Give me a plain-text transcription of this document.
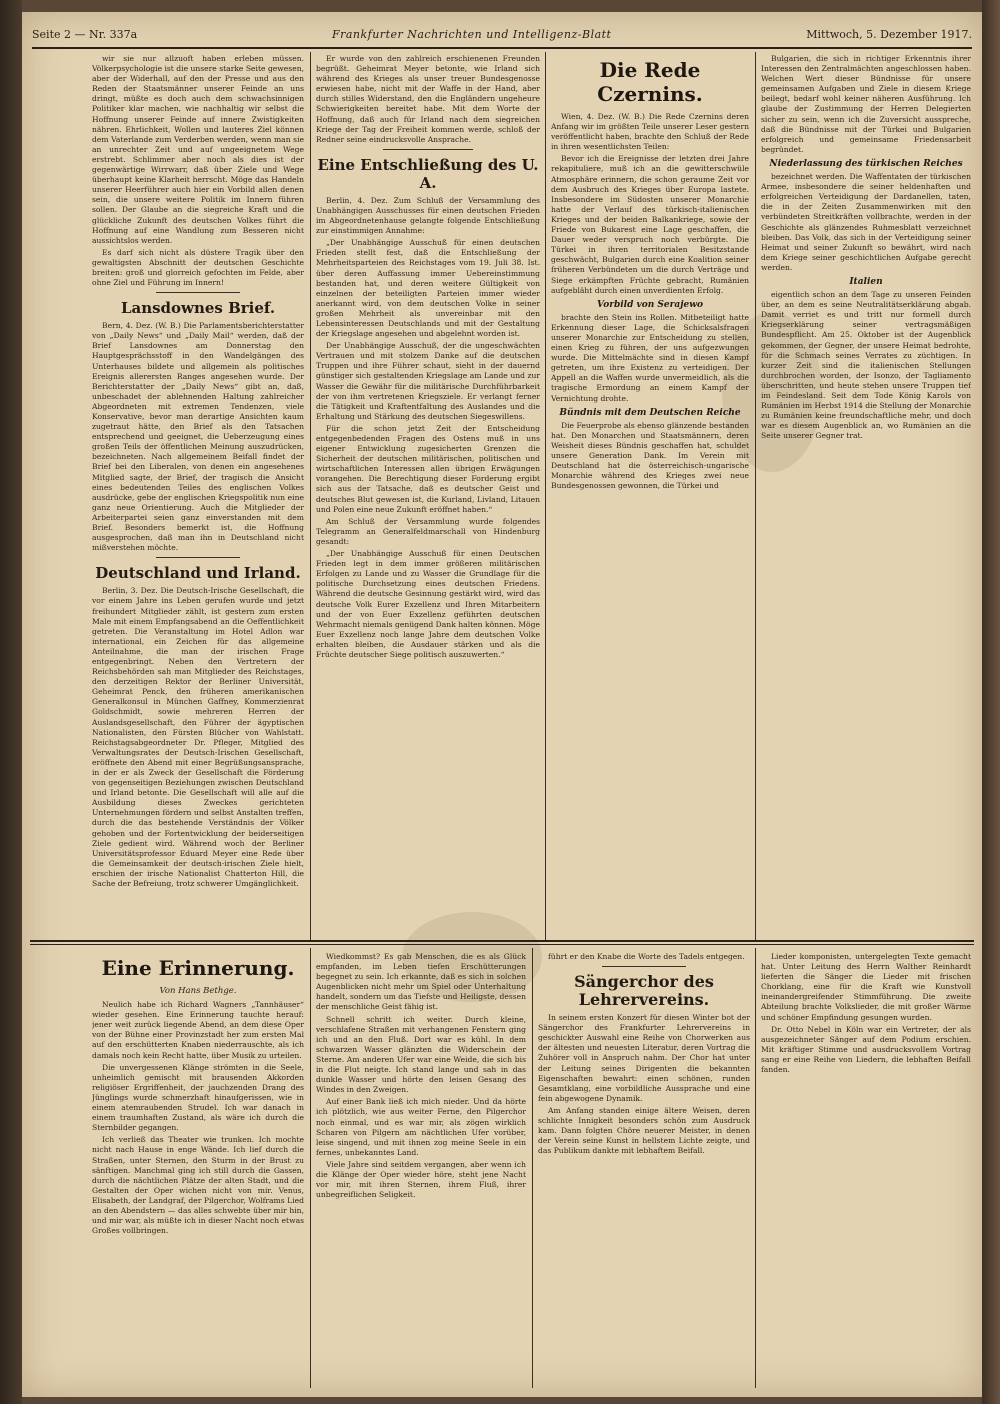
Seite 2 — Nr. 337a	Frankfurter Nachrichten und Intelligenz-Blatt	Mittwoch, 5. Dezember 1917.

wir sie nur allzuoft haben erleben müssen. Völkerpsychologie ist die unsere starke Seite gewesen, aber der Widerhall, auf den der Presse und aus den Reden der Staatsmänner unserer Feinde an uns dringt, müßte es doch auch dem schwachsinnigen Politiker klar machen, wie nachhaltig wir selbst die Hoffnung unserer Feinde auf innere Zwistigkeiten nähren. Ehrlichkeit, Wollen und lauteres Ziel können dem Vaterlande zum Verderben werden, wenn man sie an unrechter Zeit und auf ungeeignetem Wege erstrebt. Schlimmer aber noch als dies ist der gegenwärtige Wirrwarr, daß über Ziele und Wege überhaupt keine Klarheit herrscht. Möge das Handeln unserer Heerführer auch hier ein Vorbild allen denen sein, die unsere weitere Politik im Innern führen sollen. Der Glaube an die siegreiche Kraft und die glückliche Zukunft des deutschen Volkes führt die Hoffnung auf eine Wandlung zum Besseren nicht aussichtslos werden.

Es darf sich nicht als düstere Tragik über den gewaltigsten Abschnitt der deutschen Geschichte breiten: groß und glorreich gefochten im Felde, aber ohne Ziel und Führung im Innern!

Lansdownes Brief.

Bern, 4. Dez. (W. B.) Die Parlamentsberichterstatter von „Daily News“ und „Daily Mail“ werden, daß der Brief Lansdownes am Donnerstag den Hauptgesprächsstoff in den Wandelgängen des Unterhauses bildete und allgemein als politisches Ereignis allerersten Ranges angesehen wurde. Der Berichterstatter der „Daily News“ gibt an, daß, unbeschadet der ablehnenden Haltung zahlreicher Abgeordneten mit extremen Tendenzen, viele Konservative, bevor man derartige Ansichten kaum zugetraut hätte, den Brief als den Tatsachen entsprechend und geeignet, die Ueberzeugung eines großen Teils der öffentlichen Meinung auszudrücken, bezeichneten. Nach allgemeinem Beifall findet der Brief bei den Liberalen, von denen ein angesehenes Mitglied sagte, der Brief, der tragisch die Ansicht eines bedeutenden Teiles des englischen Volkes ausdrücke, gebe der englischen Kriegspolitik nun eine ganz neue Orientierung. Auch die Mitglieder der Arbeiterpartei seien ganz einverstanden mit dem Brief. Besonders bemerkt ist, die Hoffnung ausgesprochen, daß man ihn in Deutschland nicht mißverstehen möchte.

Deutschland und Irland.

Berlin, 3. Dez. Die Deutsch-Irische Gesellschaft, die vor einem Jahre ins Leben gerufen wurde und jetzt freihundert Mitglieder zählt, ist gestern zum ersten Male mit einem Empfangsabend an die Oeffentlichkeit getreten. Die Veranstaltung im Hotel Adlon war international, ein Zeichen für das allgemeine Anteilnahme, die man der irischen Frage entgegenbringt. Neben den Vertretern der Reichsbehörden sah man Mitglieder des Reichstages, den derzeitigen Rektor der Berliner Universität, Geheimrat Penck, den früheren amerikanischen Generalkonsul in München Gaffney, Kommerzienrat Goldschmidt, sowie mehreren Herren der Auslandsgesellschaft, den Führer der ägyptischen Nationalisten, den Fürsten Blücher von Wahlstatt. Reichstagsabgeordneter Dr. Pfleger, Mitglied des Verwaltungsrates der Deutsch-Irischen Gesellschaft, eröffnete den Abend mit einer Begrüßungsansprache, in der er als Zweck der Gesellschaft die Förderung von gegenseitigen Beziehungen zwischen Deutschland und Irland betonte. Die Gesellschaft will alle auf die Ausbildung dieses Zweckes gerichteten Unternehmungen fördern und selbst Anstalten treffen, durch die das bestehende Verständnis der Völker gehoben und der Fortentwicklung der beiderseitigen Ziele gedient wird. Während woch der Berliner Universitätsprofessor Eduard Meyer eine Rede über die Gemeinsamkeit der deutsch-irischen Ziele hielt, erschien der irische Nationalist Chatterton Hill, die Sache der Befreiung, trotz schwerer Umgänglichkeit.

Er wurde von den zahlreich erschienenen Freunden begrüßt. Geheimrat Meyer betonte, wie Irland sich während des Krieges als unser treuer Bundesgenosse erwiesen habe, nicht mit der Waffe in der Hand, aber durch stilles Widerstand, den die Engländern ungeheure Schwierigkeiten bereitet habe. Mit dem Worte der Hoffnung, daß auch für Irland nach dem siegreichen Kriege der Tag der Freiheit kommen werde, schloß der Redner seine eindrucksvolle Ansprache.

Eine Entschließung des U. A.

Berlin, 4. Dez. Zum Schluß der Versammlung des Unabhängigen Ausschusses für einen deutschen Frieden im Abgeordnetenhause gelangte folgende Entschließung zur einstimmigen Annahme:

„Der Unabhängige Ausschuß für einen deutschen Frieden stellt fest, daß die Entschließung der Mehrheitsparteien des Reichstages vom 19. Juli 38. Ist. über deren Auffassung immer Uebereinstimmung bestanden hat, und deren weitere Gültigkeit von einzelnen der beteiligten Parteien immer wieder anerkannt wird, von dem deutschen Volke in seiner großen Mehrheit als unvereinbar mit den Lebensinteressen Deutschlands und mit der Gestaltung der Kriegslage angesehen und abgelehnt worden ist.

Der Unabhängige Ausschuß, der die ungeschwächten Vertrauen und mit stolzem Danke auf die deutschen Truppen und ihre Führer schaut, sieht in der dauernd günstiger sich gestaltenden Kriegslage am Lande und zur Wasser die Gewähr für die militärische Durchführbarkeit der von ihm vertretenen Kriegsziele. Er verlangt ferner die Tätigkeit und Kraftentfaltung des Auslandes und die Erhaltung und Stärkung des deutschen Siegeswillens.

Für die schon jetzt Zeit der Entscheidung entgegenbedenden Fragen des Ostens muß in uns eigener Entwicklung zugesicherten Grenzen die Sicherheit der deutschen militärischen, politischen und wirtschaftlichen Interessen allen übrigen Erwägungen vorangehen. Die Berechtigung dieser Forderung ergibt sich aus der Tatsache, daß es deutscher Geist und deutsches Blut gewesen ist, die Kurland, Livland, Litauen und Polen eine neue Zukunft eröffnet haben.“

Am Schluß der Versammlung wurde folgendes Telegramm an Generalfeldmarschall von Hindenburg gesandt:

„Der Unabhängige Ausschuß für einen Deutschen Frieden legt in dem immer größeren militärischen Erfolgen zu Lande und zu Wasser die Grundlage für die politische Durchsetzung eines deutschen Friedens. Während die deutsche Gesinnung gestärkt wird, wird das deutsche Volk Eurer Exzellenz und Ihren Mitarbeitern und der von Euer Exzellenz geführten deutschen Wehrmacht niemals genügend Dank halten können. Möge Euer Exzellenz noch lange Jahre dem deutschen Volke erhalten bleiben, die Ausdauer stärken und als die Früchte deutscher Siege politisch auszuwerten.“

Die Rede Czernins.

Wien, 4. Dez. (W. B.) Die Rede Czernins deren Anfang wir im größten Teile unserer Leser gestern veröffentlicht haben, brachte den Schluß der Rede in ihren wesentlichsten Teilen:

Bevor ich die Ereignisse der letzten drei Jahre rekapituliere, muß ich an die gewitterschwüle Atmosphäre erinnern, die schon geraume Zeit vor dem Ausbruch des Krieges über Europa lastete. Insbesondere im Südosten unserer Monarchie hatte der Verlauf des türkisch-italienischen Krieges und der beiden Balkankriege, sowie der Friede von Bukarest eine Lage geschaffen, die Dauer weder verspruch noch verbürgte. Die Türkei in ihren territorialen Besitzstande geschwächt, Bulgarien durch eine Koalition seiner früheren Verbündeten um die durch Verträge und Siege erkämpften Früchte gebracht, Rumänien aufgebläht durch einen unverdienten Erfolg.

Vorbild von Serajewo

brachte den Stein ins Rollen. Mitbeteiligt hatte Erkennung dieser Lage, die Schicksalsfragen unserer Monarchie zur Entscheidung zu stellen, einen Krieg zu führen, der uns aufgezwungen wurde. Die Mittelmächte sind in diesen Kampf getreten, um ihre Existenz zu verteidigen. Der Appell an die Waffen wurde unvermeidlich, als die tragische Ermordung an einem Kampf der Vernichtung drohte.

Bündnis mit dem Deutschen Reiche

Die Feuerprobe als ebenso glänzende bestanden hat. Den Monarchen und Staatsmännern, deren Weisheit dieses Bündnis geschaffen hat, schuldet unsere Generation Dank. Im Verein mit Deutschland hat die österreichisch-ungarische Monarchie während des Krieges zwei neue Bundesgenossen gewonnen, die Türkei und

Bulgarien, die sich in richtiger Erkenntnis ihrer Interessen den Zentralmächten angeschlossen haben. Welchen Wert dieser Bündnisse für unsere gemeinsamen Aufgaben und Ziele in diesem Kriege beilegt, bedarf wohl keiner näheren Ausführung. Ich glaube der Zustimmung der Herren Delegierten sicher zu sein, wenn ich die Zuversicht ausspreche, daß die Bündnisse mit der Türkei und Bulgarien erfolgreich und gemeinsame Friedensarbeit begründet.

Niederlassung des türkischen Reiches

bezeichnet werden. Die Waffentaten der türkischen Armee, insbesondere die seiner heldenhaften und erfolgreichen Verteidigung der Dardanellen, taten, die in der Zeiten Zusammenwirken mit den verbündeten Streitkräften vollbrachte, werden in der Geschichte als glänzendes Ruhmesblatt verzeichnet bleiben. Das Volk, das sich in der Verteidigung seiner Heimat und seiner Zukunft so bewährt, wird nach dem Kriege seiner geschichtlichen Aufgabe gerecht werden.

Italien

eigentlich schon an dem Tage zu unseren Feinden über, an dem es seine Neutralitätserklärung abgab. Damit verriet es und tritt nur formell durch Kriegserklärung seiner vertragsmäßigen Bundespflicht. Am 25. Oktober ist der Augenblick gekommen, der Gegner, der unsere Heimat bedrohte, für die Schmach seines Verrates zu züchtigen. In kurzer Zeit sind die italienischen Stellungen durchbrochen worden, der Isonzo, der Tagliamento überschritten, und heute stehen unsere Truppen tief im Feindesland. Seit dem Tode König Karols von Rumänien im Herbst 1914 die Stellung der Monarchie zu Rumänien keine freundschaftliche mehr, und doch war es diesem Augenblick an, wo Rumänien an die Seite unserer Gegner trat.

Eine Erinnerung.
Von Hans Bethge.

Neulich habe ich Richard Wagners „Tannhäuser“ wieder gesehen. Eine Erinnerung tauchte herauf: jener weit zurück liegende Abend, an dem diese Oper von der Bühne einer Provinzstadt her zum ersten Mal auf den erschütterten Knaben niederrauschte, als ich damals noch kein Recht hatte, über Musik zu urteilen.

Die unvergessenen Klänge strömten in die Seele, unheimlich gemischt mit brausenden Akkorden religiöser Ergriffenheit, der jauchzenden Drang des Jünglings wurde schmerzhaft hinaufgerissen, wie in einem atemraubenden Strudel. Ich war danach in einem traumhaften Zustand, als wäre ich durch die Sternbilder gegangen.

Ich verließ das Theater wie trunken. Ich mochte nicht nach Hause in enge Wände. Ich lief durch die Straßen, unter Sternen, den Sturm in der Brust zu sänftigen. Manchmal ging ich still durch die Gassen, durch die nächtlichen Plätze der alten Stadt, und die Gestalten der Oper wichen nicht von mir. Venus, Elisabeth, der Landgraf, der Pilgerchor, Wolframs Lied an den Abendstern — das alles schwebte über mir hin, und mir war, als müßte ich in dieser Nacht noch etwas Großes vollbringen.

Wiedkommst? Es gab Menschen, die es als Glück empfanden, im Leben tiefen Erschütterungen begegnet zu sein. Ich erkannte, daß es sich in solchen Augenblicken nicht mehr um Spiel oder Unterhaltung handelt, sondern um das Tiefste und Heiligste, dessen der menschliche Geist fähig ist.

Schnell schritt ich weiter. Durch kleine, verschlafene Straßen mit verhangenen Fenstern ging ich und an den Fluß. Dort war es kühl. In dem schwarzen Wasser glänzten die Widerschein der Sterne. Am anderen Ufer war eine Weide, die sich bis in die Flut neigte. Ich stand lange und sah in das dunkle Wasser und hörte den leisen Gesang des Windes in den Zweigen.

Auf einer Bank ließ ich mich nieder. Und da hörte ich plötzlich, wie aus weiter Ferne, den Pilgerchor noch einmal, und es war mir, als zögen wirklich Scharen von Pilgern am nächtlichen Ufer vorüber, leise singend, und mit ihnen zog meine Seele in ein fernes, unbekanntes Land.

Viele Jahre sind seitdem vergangen, aber wenn ich die Klänge der Oper wieder höre, steht jene Nacht vor mir, mit ihren Sternen, ihrem Fluß, ihrer unbegreiflichen Seligkeit.

führt er den Knabe die Worte des Tadels entgegen.

Sängerchor des Lehrervereins.

In seinem ersten Konzert für diesen Winter bot der Sängerchor des Frankfurter Lehrervereins in geschickter Auswahl eine Reihe von Chorwerken aus der ältesten und neuesten Literatur, deren Vortrag die Zuhörer voll in Anspruch nahm. Der Chor hat unter der Leitung seines Dirigenten die bekannten Eigenschaften bewahrt: einen schönen, runden Gesamtklang, eine vorbildliche Aussprache und eine fein abgewogene Dynamik.

Am Anfang standen einige ältere Weisen, deren schlichte Innigkeit besonders schön zum Ausdruck kam. Dann folgten Chöre neuerer Meister, in denen der Verein seine Kunst in hellstem Lichte zeigte, und das Publikum dankte mit lebhaftem Beifall.

Lieder komponisten, untergelegten Texte gemacht hat. Unter Leitung des Herrn Walther Reinhardt lieferten die Sänger die Lieder mit frischen Chorklang, eine für die Kraft wie Kunstvoll ineinandergreifender Stimmführung. Die zweite Abteilung brachte Volkslieder, die mit großer Wärme und schöner Empfindung gesungen wurden.

Dr. Otto Nebel in Köln war ein Vertreter, der als ausgezeichneter Sänger auf dem Podium erschien. Mit kräftiger Stimme und ausdrucksvollem Vortrag sang er eine Reihe von Liedern, die lebhaften Beifall fanden.
